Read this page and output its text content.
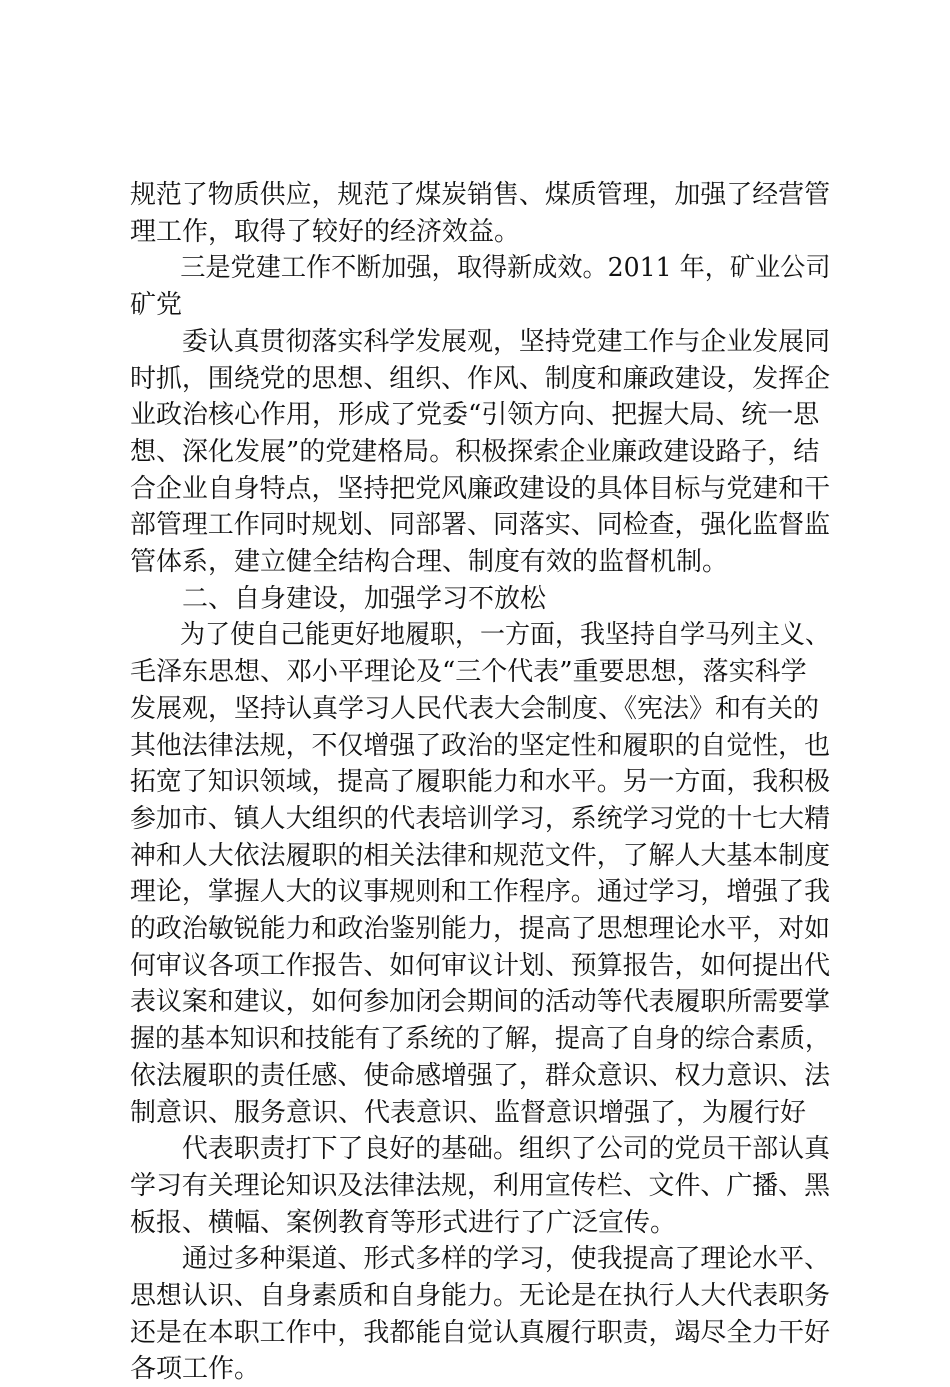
规范了物质供应，规范了煤炭销售、煤质管理，加强了经营管

理工作，取得了较好的经济效益。

　　三是党建工作不断加强，取得新成效。2011 年，矿业公司

矿党

　　委认真贯彻落实科学发展观，坚持党建工作与企业发展同

时抓，围绕党的思想、组织、作风、制度和廉政建设，发挥企

业政治核心作用，形成了党委“引领方向、把握大局、统一思

想、深化发展”的党建格局。积极探索企业廉政建设路子，结

合企业自身特点，坚持把党风廉政建设的具体目标与党建和干

部管理工作同时规划、同部署、同落实、同检查，强化监督监

管体系，建立健全结构合理、制度有效的监督机制。

　　二、自身建设，加强学习不放松

　　为了使自己能更好地履职，一方面，我坚持自学马列主义、

毛泽东思想、邓小平理论及“三个代表”重要思想，落实科学

发展观，坚持认真学习人民代表大会制度、《宪法》和有关的

其他法律法规，不仅增强了政治的坚定性和履职的自觉性，也

拓宽了知识领域，提高了履职能力和水平。另一方面，我积极

参加市、镇人大组织的代表培训学习，系统学习党的十七大精

神和人大依法履职的相关法律和规范文件，了解人大基本制度

理论，掌握人大的议事规则和工作程序。通过学习，增强了我

的政治敏锐能力和政治鉴别能力，提高了思想理论水平，对如

何审议各项工作报告、如何审议计划、预算报告，如何提出代

表议案和建议，如何参加闭会期间的活动等代表履职所需要掌

握的基本知识和技能有了系统的了解，提高了自身的综合素质，

依法履职的责任感、使命感增强了，群众意识、权力意识、法

制意识、服务意识、代表意识、监督意识增强了，为履行好

　　代表职责打下了良好的基础。组织了公司的党员干部认真

学习有关理论知识及法律法规，利用宣传栏、文件、广播、黑

板报、横幅、案例教育等形式进行了广泛宣传。

　　通过多种渠道、形式多样的学习，使我提高了理论水平、

思想认识、自身素质和自身能力。无论是在执行人大代表职务

还是在本职工作中，我都能自觉认真履行职责，竭尽全力干好

各项工作。
